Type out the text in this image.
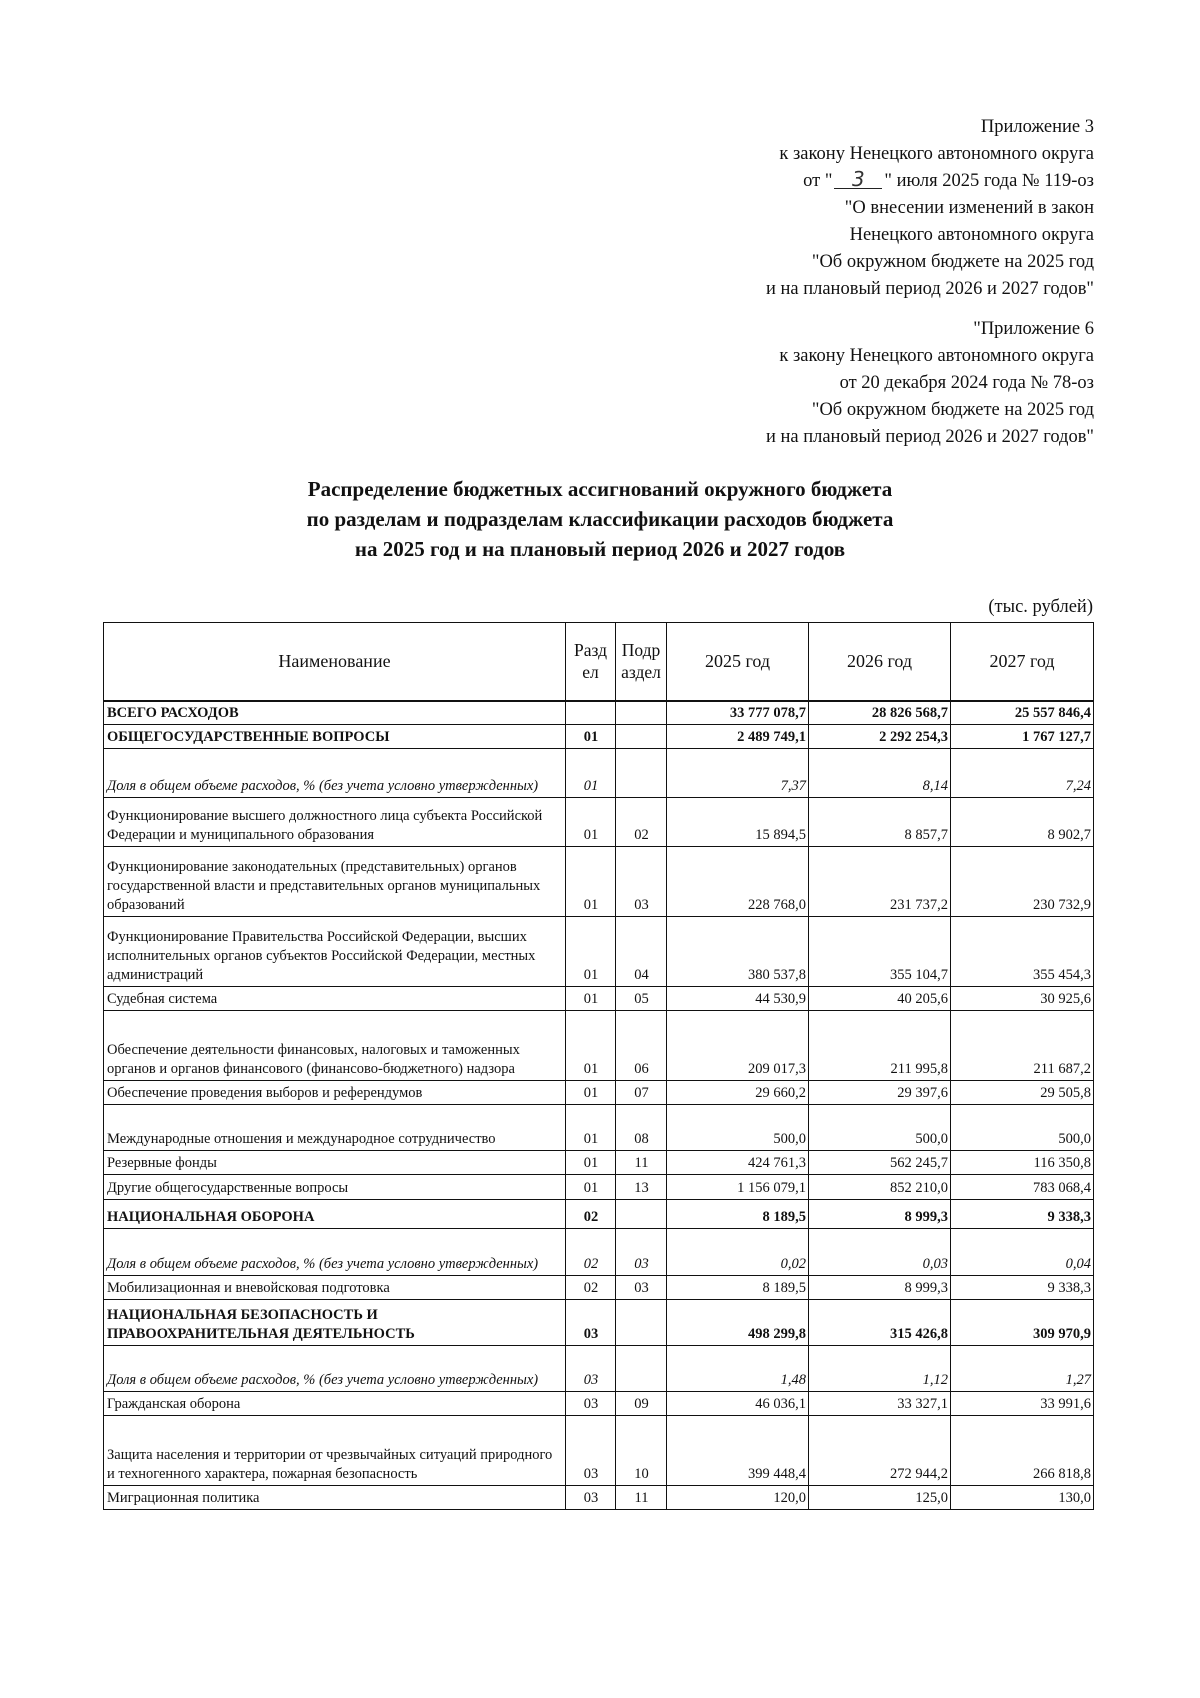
Приложение 3
к закону Ненецкого автономного округа
от " 3 " июля 2025 года № 119-оз
"О внесении изменений в закон
Ненецкого автономного округа
"Об окружном бюджете на 2025 год
и на плановый период 2026 и 2027 годов"
"Приложение 6
к закону Ненецкого автономного округа
от 20 декабря 2024 года № 78-оз
"Об окружном бюджете на 2025 год
и на плановый период 2026 и 2027 годов"
Распределение бюджетных ассигнований окружного бюджета
по разделам и подразделам классификации расходов бюджета
на 2025 год и на плановый период 2026 и 2027 годов
(тыс. рублей)
Наименование	Разд ел	Подр аздел	2025 год	2026 год	2027 год
ВСЕГО РАСХОДОВ			33 777 078,7	28 826 568,7	25 557 846,4
ОБЩЕГОСУДАРСТВЕННЫЕ ВОПРОСЫ	01		2 489 749,1	2 292 254,3	1 767 127,7
Доля в общем объеме расходов, % (без учета условно утвержденных)	01		7,37	8,14	7,24
Функционирование высшего должностного лица субъекта Российской Федерации и муниципального образования	01	02	15 894,5	8 857,7	8 902,7
Функционирование законодательных (представительных) органов государственной власти и представительных органов муниципальных образований	01	03	228 768,0	231 737,2	230 732,9
Функционирование Правительства Российской Федерации, высших исполнительных органов субъектов Российской Федерации, местных администраций	01	04	380 537,8	355 104,7	355 454,3
Судебная система	01	05	44 530,9	40 205,6	30 925,6
Обеспечение деятельности финансовых, налоговых и таможенных органов и органов финансового (финансово-бюджетного) надзора	01	06	209 017,3	211 995,8	211 687,2
Обеспечение проведения выборов и референдумов	01	07	29 660,2	29 397,6	29 505,8
Международные отношения и международное сотрудничество	01	08	500,0	500,0	500,0
Резервные фонды	01	11	424 761,3	562 245,7	116 350,8
Другие общегосударственные вопросы	01	13	1 156 079,1	852 210,0	783 068,4
НАЦИОНАЛЬНАЯ ОБОРОНА	02		8 189,5	8 999,3	9 338,3
Доля в общем объеме расходов, % (без учета условно утвержденных)	02	03	0,02	0,03	0,04
Мобилизационная и вневойсковая подготовка	02	03	8 189,5	8 999,3	9 338,3
НАЦИОНАЛЬНАЯ БЕЗОПАСНОСТЬ И ПРАВООХРАНИТЕЛЬНАЯ ДЕЯТЕЛЬНОСТЬ	03		498 299,8	315 426,8	309 970,9
Доля в общем объеме расходов, % (без учета условно утвержденных)	03		1,48	1,12	1,27
Гражданская оборона	03	09	46 036,1	33 327,1	33 991,6
Защита населения и территории от чрезвычайных ситуаций природного и техногенного характера, пожарная безопасность	03	10	399 448,4	272 944,2	266 818,8
Миграционная политика	03	11	120,0	125,0	130,0
